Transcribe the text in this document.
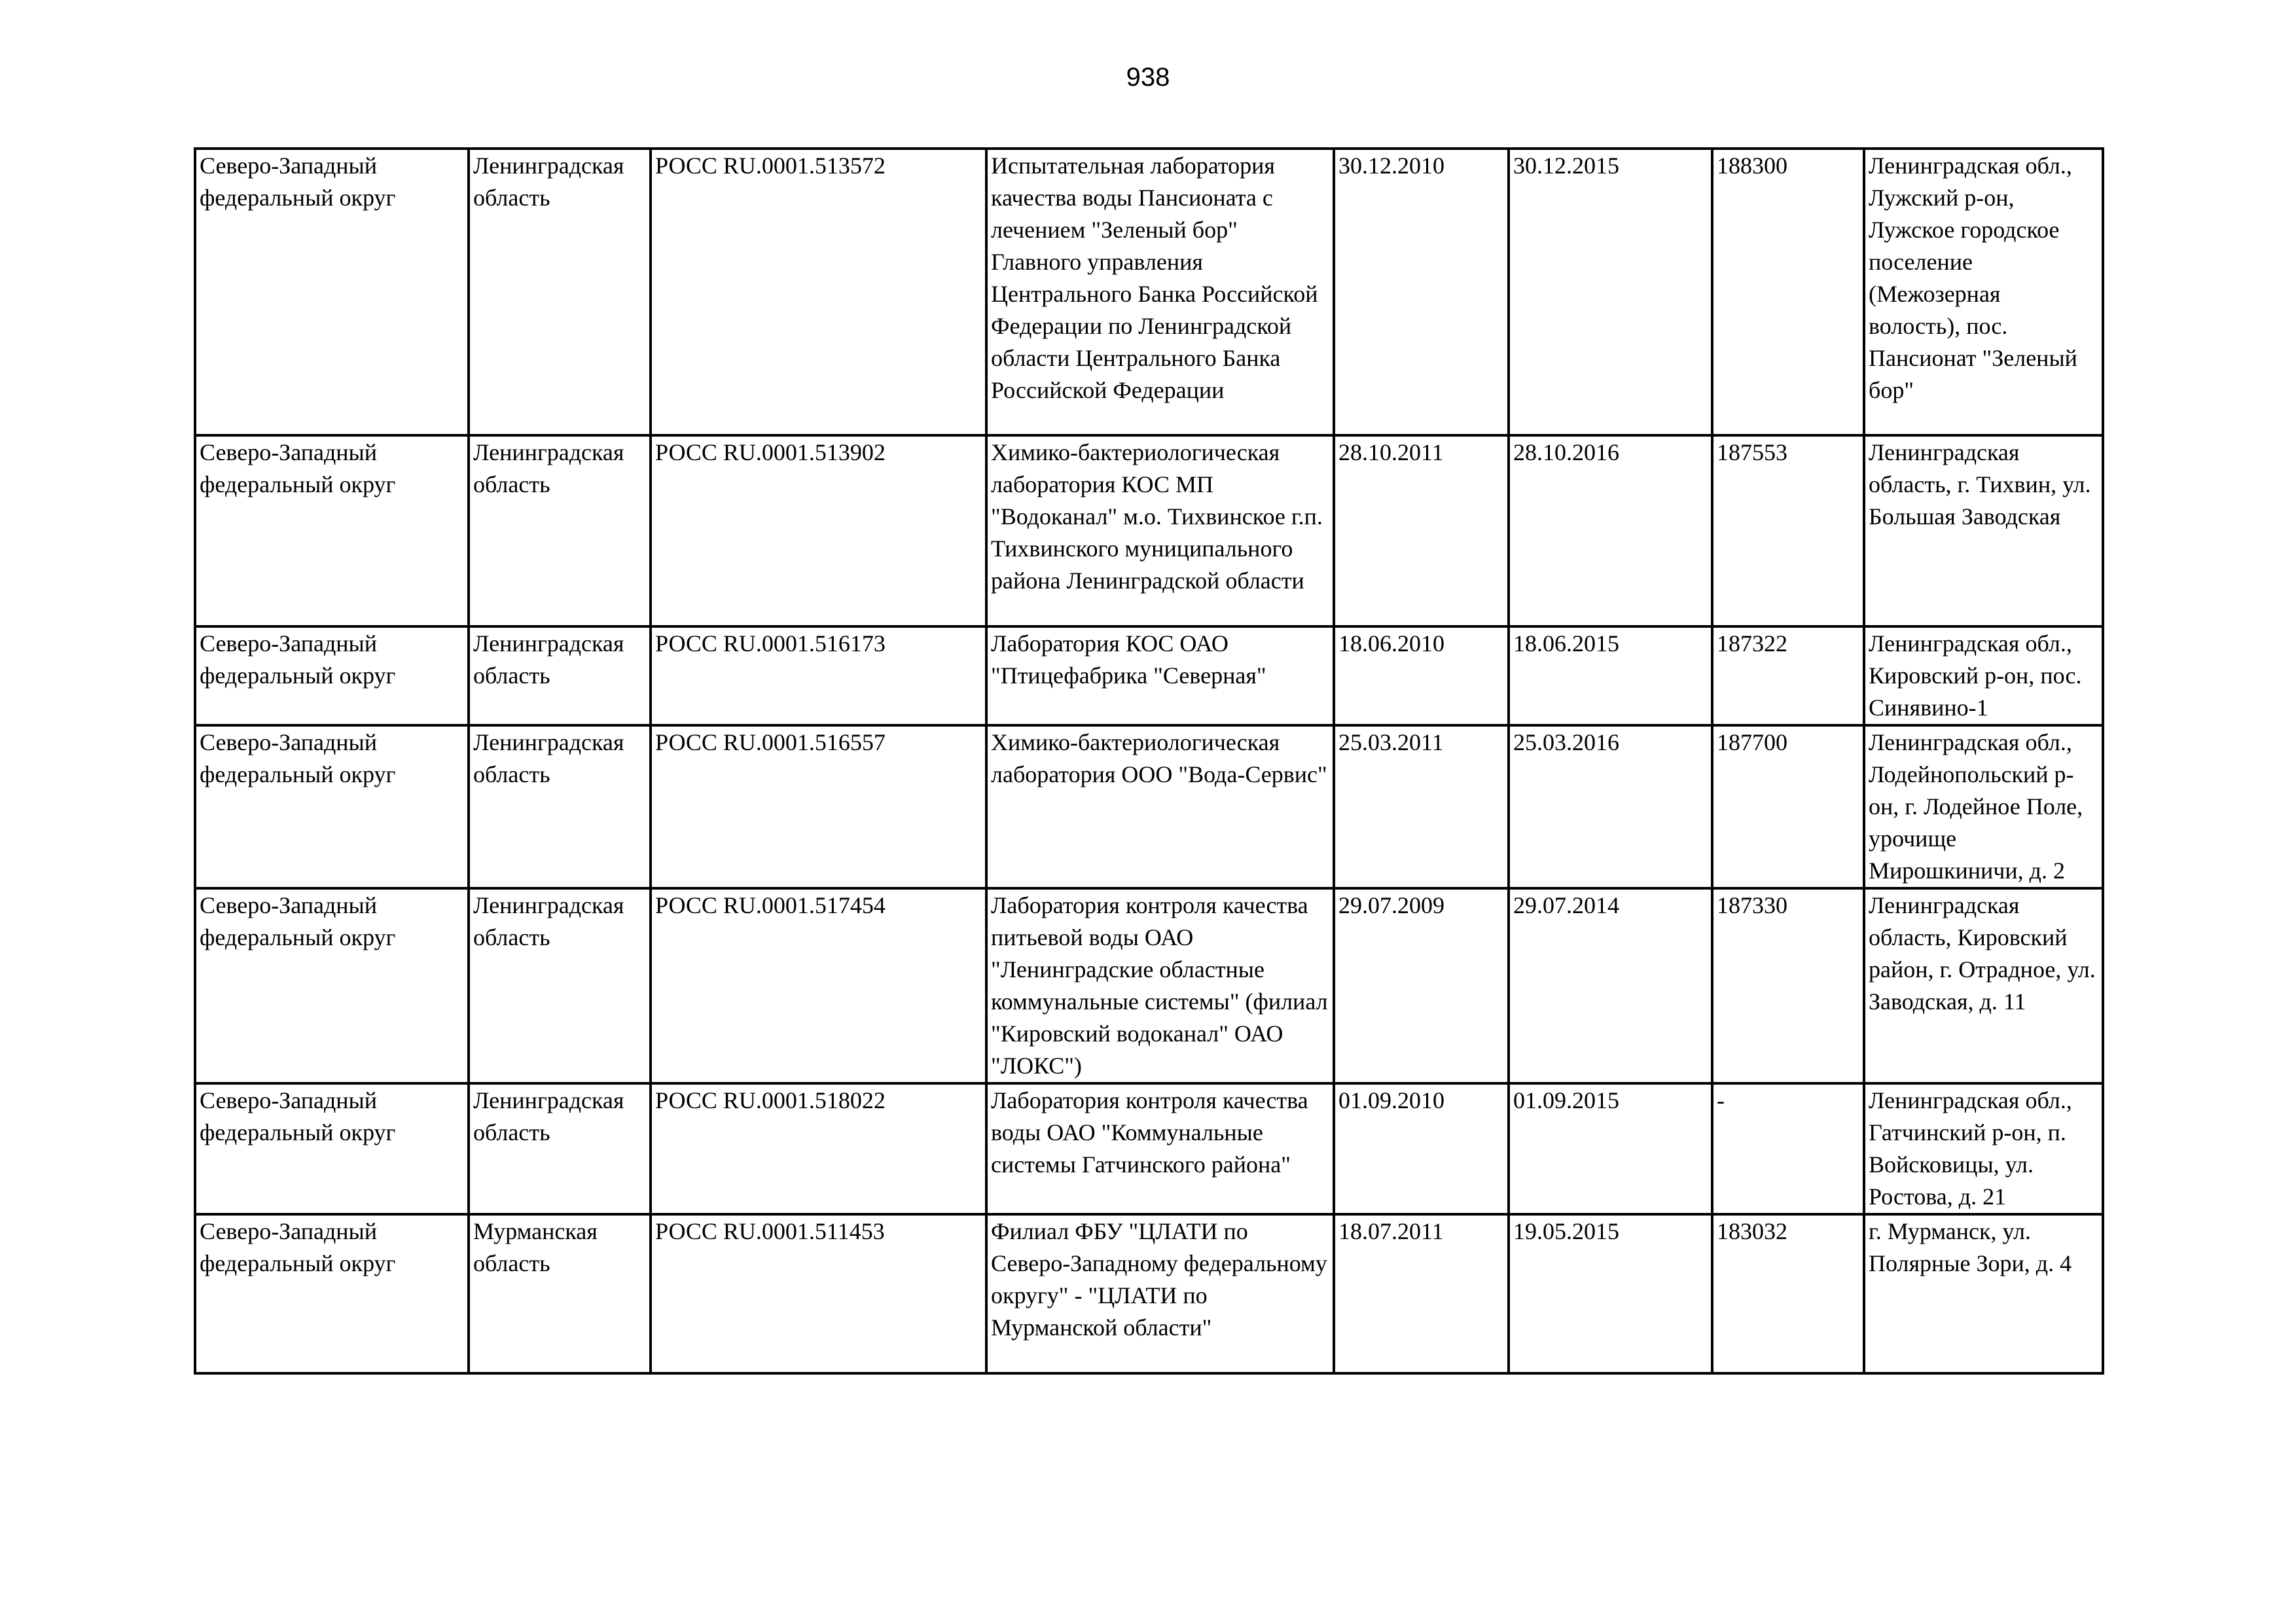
938
Северо-Западный федеральный округ	Ленинградская область	РОСС RU.0001.513572	Испытательная лаборатория качества воды Пансионата с лечением "Зеленый бор" Главного управления Центрального Банка Российской Федерации по Ленинградской области Центрального Банка Российской Федерации	30.12.2010	30.12.2015	188300	Ленинградская обл., Лужский р-он, Лужское городское поселение (Межозерная волость), пос. Пансионат "Зеленый бор"
Северо-Западный федеральный округ	Ленинградская область	РОСС RU.0001.513902	Химико-бактериологическая лаборатория КОС МП "Водоканал" м.о. Тихвинское г.п. Тихвинского муниципального района Ленинградской области	28.10.2011	28.10.2016	187553	Ленинградская область, г. Тихвин, ул. Большая Заводская
Северо-Западный федеральный округ	Ленинградская область	РОСС RU.0001.516173	Лаборатория КОС ОАО "Птицефабрика "Северная"	18.06.2010	18.06.2015	187322	Ленинградская обл., Кировский р-он, пос. Синявино-1
Северо-Западный федеральный округ	Ленинградская область	РОСС RU.0001.516557	Химико-бактериологическая лаборатория ООО "Вода-Сервис"	25.03.2011	25.03.2016	187700	Ленинградская обл., Лодейнопольский р-он, г. Лодейное Поле, урочище Мирошкиничи, д. 2
Северо-Западный федеральный округ	Ленинградская область	РОСС RU.0001.517454	Лаборатория контроля качества питьевой воды ОАО "Ленинградские областные коммунальные системы" (филиал "Кировский водоканал" ОАО "ЛОКС")	29.07.2009	29.07.2014	187330	Ленинградская область, Кировский район, г. Отрадное, ул. Заводская, д. 11
Северо-Западный федеральный округ	Ленинградская область	РОСС RU.0001.518022	Лаборатория контроля качества воды ОАО "Коммунальные системы Гатчинского района"	01.09.2010	01.09.2015	-	Ленинградская обл., Гатчинский р-он, п. Войсковицы, ул. Ростова, д. 21
Северо-Западный федеральный округ	Мурманская область	РОСС RU.0001.511453	Филиал ФБУ "ЦЛАТИ по Северо-Западному федеральному округу" - "ЦЛАТИ по Мурманской области"	18.07.2011	19.05.2015	183032	г. Мурманск, ул. Полярные Зори, д. 4
